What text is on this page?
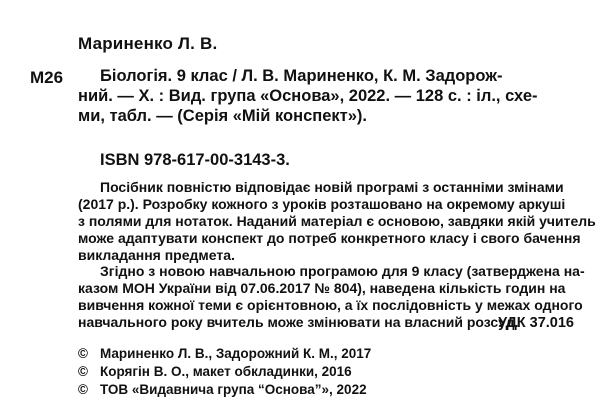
Мариненко Л. В.
М26	Біологія. 9 клас / Л. В. Мариненко, К. М. Задорож-
ний. — Х. : Вид. група «Основа», 2022. — 128 с. : іл., схе-
ми, табл. — (Серія «Мій конспект»).
ISBN 978-617-00-3143-3.
Посібник повністю відповідає новій програмі з останніми змінами
(2017 р.). Розробку кожного з уроків розташовано на окремому аркуші
з полями для нотаток. Наданий матеріал є основою, завдяки якій учитель
може адаптувати конспект до потреб конкретного класу і свого бачення
викладання предмета.
Згідно з новою навчальною програмою для 9 класу (затверджена на-
казом МОН України від 07.06.2017 № 804), наведена кількість годин на
вивчення кожної теми є орієнтовною, а їх послідовність у межах одного
навчального року вчитель може змінювати на власний розсуд.
УДК 37.016
© Мариненко Л. В., Задорожний К. М., 2017
© Корягін В. О., макет обкладинки, 2016
© ТОВ «Видавнича група “Основа”», 2022
